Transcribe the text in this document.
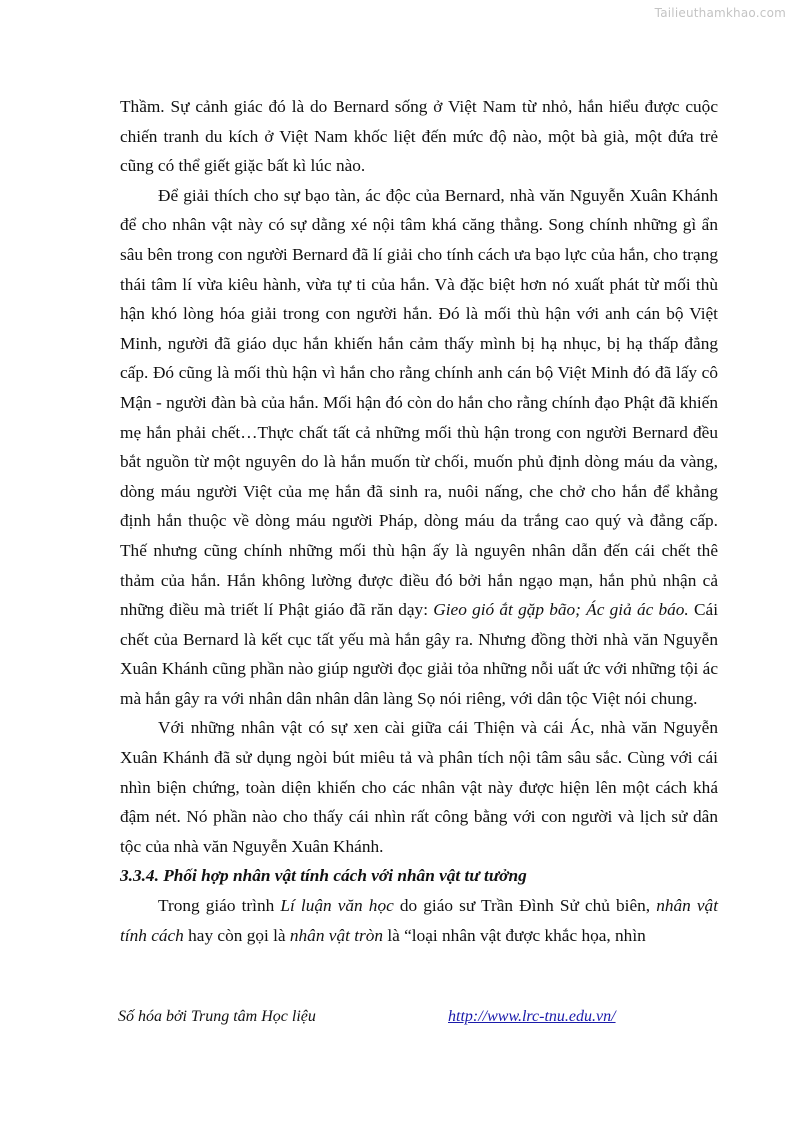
Tailieuthamkhao.com

Thầm. Sự cảnh giác đó là do Bernard sống ở Việt Nam từ nhỏ, hắn hiểu được cuộc chiến tranh du kích ở Việt Nam khốc liệt đến mức độ nào, một bà già, một đứa trẻ cũng có thể giết giặc bất kì lúc nào.

Để giải thích cho sự bạo tàn, ác độc của Bernard, nhà văn Nguyễn Xuân Khánh để cho nhân vật này có sự dằng xé nội tâm khá căng thẳng. Song chính những gì ẩn sâu bên trong con người Bernard đã lí giải cho tính cách ưa bạo lực của hắn, cho trạng thái tâm lí vừa kiêu hành, vừa tự ti của hắn. Và đặc biệt hơn nó xuất phát từ mối thù hận khó lòng hóa giải trong con người hắn. Đó là mối thù hận với anh cán bộ Việt Minh, người đã giáo dục hắn khiến hắn cảm thấy mình bị hạ nhục, bị hạ thấp đẳng cấp. Đó cũng là mối thù hận vì hắn cho rằng chính anh cán bộ Việt Minh đó đã lấy cô Mận - người đàn bà của hắn. Mối hận đó còn do hắn cho rằng chính đạo Phật đã khiến mẹ hắn phải chết…Thực chất tất cả những mối thù hận trong con người Bernard đều bắt nguồn từ một nguyên do là hắn muốn từ chối, muốn phủ định dòng máu da vàng, dòng máu người Việt của mẹ hắn đã sinh ra, nuôi nấng, che chở cho hắn để khẳng định hắn thuộc về dòng máu người Pháp, dòng máu da trắng cao quý và đẳng cấp. Thế nhưng cũng chính những mối thù hận ấy là nguyên nhân dẫn đến cái chết thê thảm của hắn. Hắn không lường được điều đó bởi hắn ngạo mạn, hắn phủ nhận cả những điều mà triết lí Phật giáo đã răn dạy: Gieo gió ắt gặp bão; Ác giả ác báo. Cái chết của Bernard là kết cục tất yếu mà hắn gây ra. Nhưng đồng thời nhà văn Nguyễn Xuân Khánh cũng phần nào giúp người đọc giải tỏa những nỗi uất ức với những tội ác mà hắn gây ra với nhân dân nhân dân làng Sọ nói riêng, với dân tộc Việt nói chung.

Với những nhân vật có sự xen cài giữa cái Thiện và cái Ác, nhà văn Nguyễn Xuân Khánh đã sử dụng ngòi bút miêu tả và phân tích nội tâm sâu sắc. Cùng với cái nhìn biện chứng, toàn diện khiến cho các nhân vật này được hiện lên một cách khá đậm nét. Nó phần nào cho thấy cái nhìn rất công bằng với con người và lịch sử dân tộc của nhà văn Nguyễn Xuân Khánh.

3.3.4. Phối hợp nhân vật tính cách với nhân vật tư tưởng

Trong giáo trình Lí luận văn học do giáo sư Trần Đình Sử chủ biên, nhân vật tính cách hay còn gọi là nhân vật tròn là “loại nhân vật được khắc họa, nhìn

Số hóa bởi Trung tâm Học liệu	http://www.lrc-tnu.edu.vn/
